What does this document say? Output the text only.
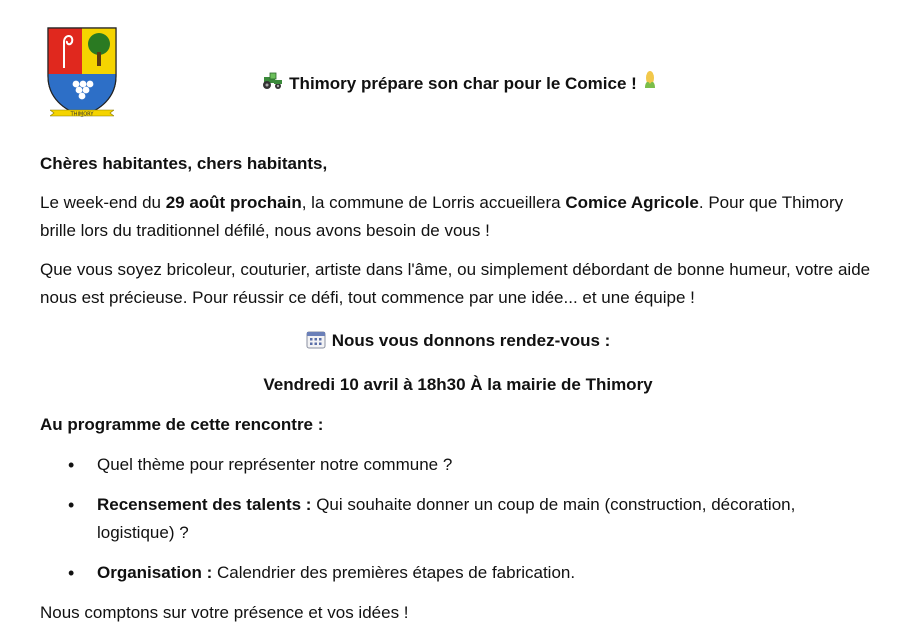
THIMORY
Thimory prépare son char pour le Comice !

Chères habitantes, chers habitants,

Le week-end du 29 août prochain, la commune de Lorris accueillera Comice Agricole. Pour que Thimory brille lors du traditionnel défilé, nous avons besoin de vous !

Que vous soyez bricoleur, couturier, artiste dans l'âme, ou simplement débordant de bonne humeur, votre aide nous est précieuse. Pour réussir ce défi, tout commence par une idée... et une équipe !

Nous vous donnons rendez-vous :

Vendredi 10 avril à 18h30 À la mairie de Thimory

Au programme de cette rencontre :

• Quel thème pour représenter notre commune ?
• Recensement des talents : Qui souhaite donner un coup de main (construction, décoration, logistique) ?
• Organisation : Calendrier des premières étapes de fabrication.

Nous comptons sur votre présence et vos idées !
